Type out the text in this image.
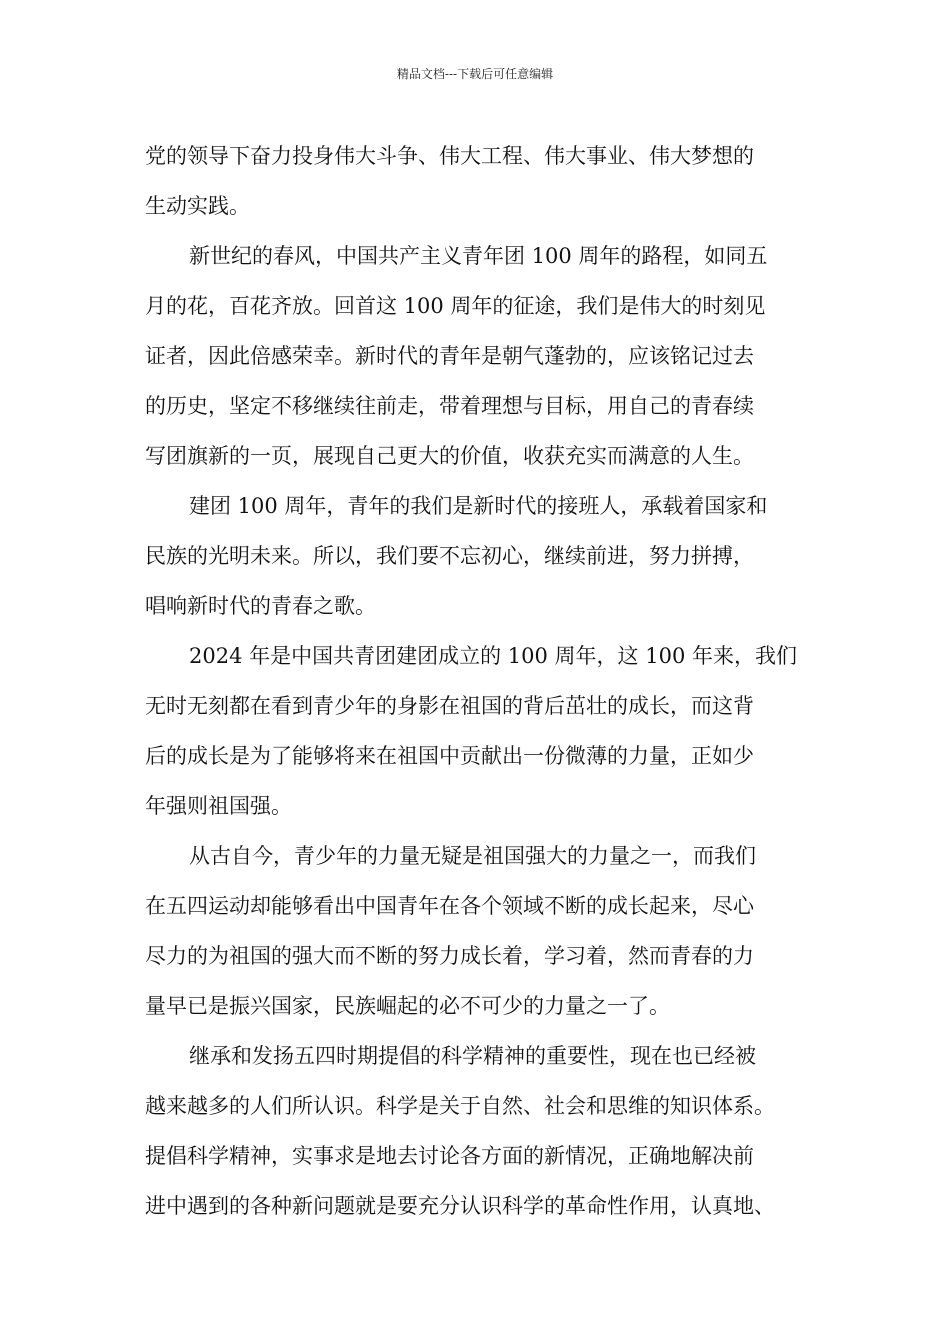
精品文档---下载后可任意编辑
党的领导下奋力投身伟大斗争、伟大工程、伟大事业、伟大梦想的
生动实践。
新世纪的春风，中国共产主义青年团 100 周年的路程，如同五
月的花，百花齐放。回首这 100 周年的征途，我们是伟大的时刻见
证者，因此倍感荣幸。新时代的青年是朝气蓬勃的，应该铭记过去
的历史，坚定不移继续往前走，带着理想与目标，用自己的青春续
写团旗新的一页，展现自己更大的价值，收获充实而满意的人生。
建团 100 周年，青年的我们是新时代的接班人，承载着国家和
民族的光明未来。所以，我们要不忘初心，继续前进，努力拼搏，
唱响新时代的青春之歌。
2024 年是中国共青团建团成立的 100 周年，这 100 年来，我们
无时无刻都在看到青少年的身影在祖国的背后茁壮的成长，而这背
后的成长是为了能够将来在祖国中贡献出一份微薄的力量，正如少
年强则祖国强。
从古自今，青少年的力量无疑是祖国强大的力量之一，而我们
在五四运动却能够看出中国青年在各个领域不断的成长起来，尽心
尽力的为祖国的强大而不断的努力成长着，学习着，然而青春的力
量早已是振兴国家，民族崛起的必不可少的力量之一了。
继承和发扬五四时期提倡的科学精神的重要性，现在也已经被
越来越多的人们所认识。科学是关于自然、社会和思维的知识体系。
提倡科学精神，实事求是地去讨论各方面的新情况，正确地解决前
进中遇到的各种新问题就是要充分认识科学的革命性作用，认真地、
